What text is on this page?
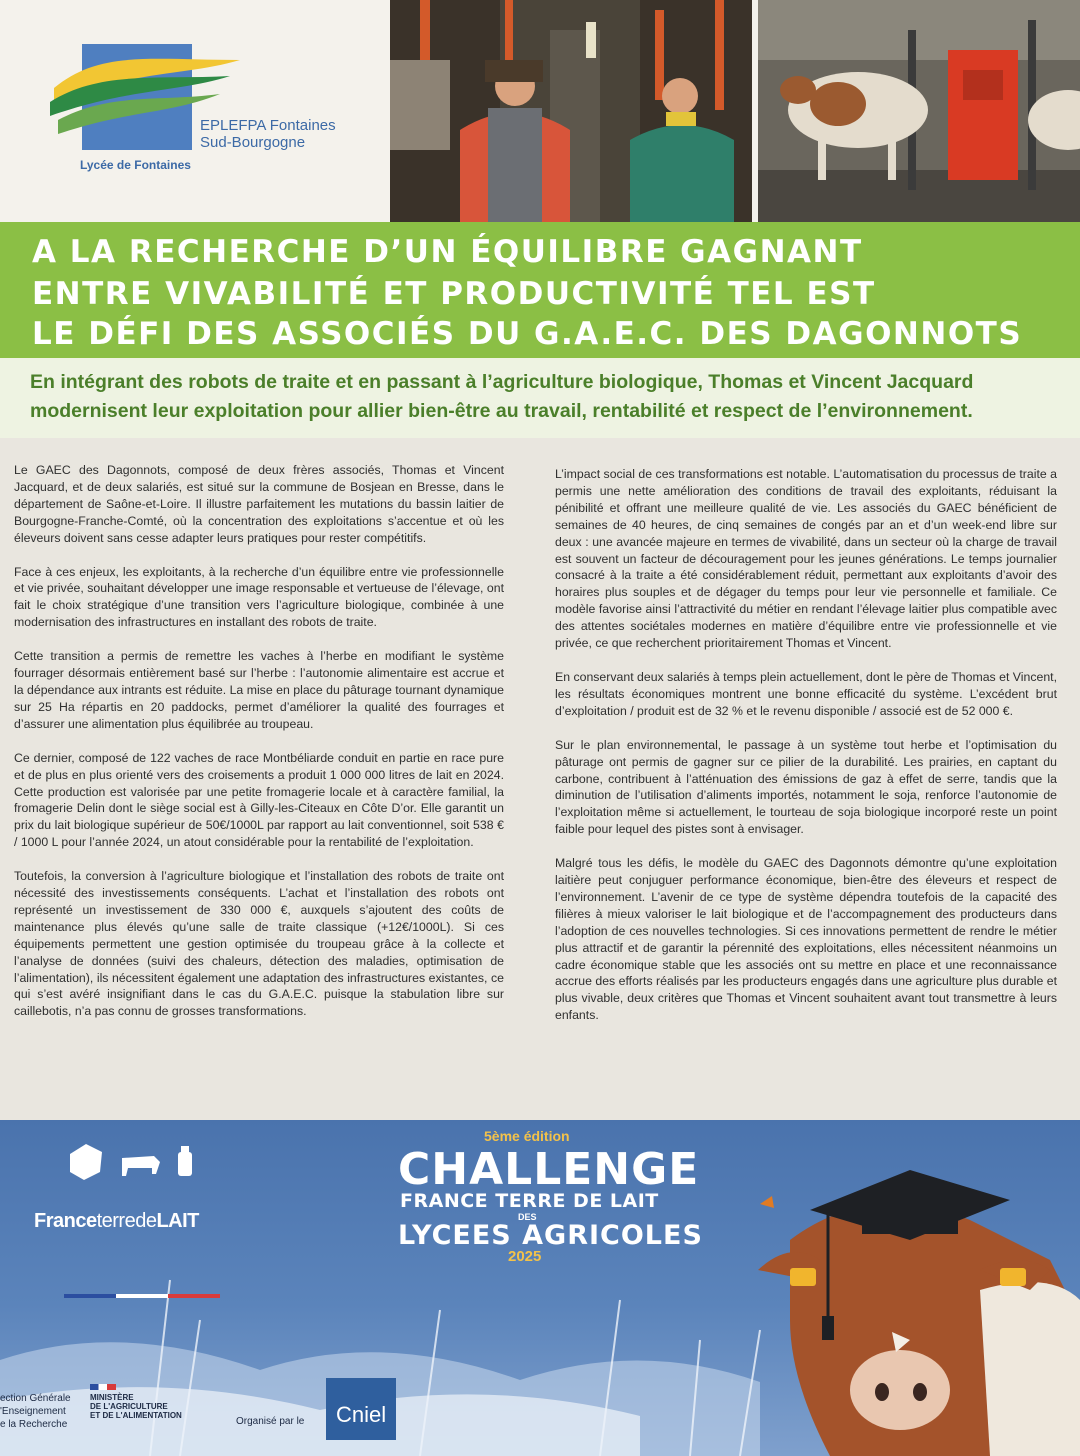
EPLEFPA Fontaines
Sud-Bourgogne
Lycée de Fontaines
A LA RECHERCHE D’UN ÉQUILIBRE GAGNANT
ENTRE VIVABILITÉ ET PRODUCTIVITÉ TEL EST
LE DÉFI DES ASSOCIÉS DU G.A.E.C. DES DAGONNOTS
En intégrant des robots de traite et en passant à l’agriculture biologique, Thomas et Vincent Jacquard modernisent leur exploitation pour allier bien-être au travail, rentabilité et respect de l’environnement.

Le GAEC des Dagonnots, composé de deux frères associés, Thomas et Vincent Jacquard, et de deux salariés, est situé sur la commune de Bosjean en Bresse, dans le département de Saône-et-Loire. Il illustre parfaitement les mutations du bassin laitier de Bourgogne-Franche-Comté, où la concentration des exploitations s’accentue et où les éleveurs doivent sans cesse adapter leurs pratiques pour rester compétitifs.

Face à ces enjeux, les exploitants, à la recherche d’un équilibre entre vie professionnelle et vie privée, souhaitant développer une image responsable et vertueuse de l’élevage, ont fait le choix stratégique d’une transition vers l’agriculture biologique, combinée à une modernisation des infrastructures en installant des robots de traite.

Cette transition a permis de remettre les vaches à l’herbe en modifiant le système fourrager désormais entièrement basé sur l’herbe : l’autonomie alimentaire est accrue et la dépendance aux intrants est réduite. La mise en place du pâturage tournant dynamique sur 25 Ha répartis en 20 paddocks, permet d’améliorer la qualité des fourrages et d’assurer une alimentation plus équilibrée au troupeau.

Ce dernier, composé de 122 vaches de race Montbéliarde conduit en partie en race pure et de plus en plus orienté vers des croisements a produit 1 000 000 litres de lait en 2024. Cette production est valorisée par une petite fromagerie locale et à caractère familial, la fromagerie Delin dont le siège social est à Gilly-les-Citeaux en Côte D’or. Elle garantit un prix du lait biologique supérieur de 50€/1000L par rapport au lait conventionnel, soit 538 € / 1000 L pour l’année 2024, un atout considérable pour la rentabilité de l’exploitation.

Toutefois, la conversion à l’agriculture biologique et l’installation des robots de traite ont nécessité des investissements conséquents. L’achat et l’installation des robots ont représenté un investissement de 330 000 €, auxquels s’ajoutent des coûts de maintenance plus élevés qu’une salle de traite classique (+12€/1000L). Si ces équipements permettent une gestion optimisée du troupeau grâce à la collecte et l’analyse de données (suivi des chaleurs, détection des maladies, optimisation de l’alimentation), ils nécessitent également une adaptation des infrastructures existantes, ce qui s’est avéré insignifiant dans le cas du G.A.E.C. puisque la stabulation libre sur caillebotis, n’a pas connu de grosses transformations.

L’impact social de ces transformations est notable. L’automatisation du processus de traite a permis une nette amélioration des conditions de travail des exploitants, réduisant la pénibilité et offrant une meilleure qualité de vie. Les associés du GAEC bénéficient de semaines de 40 heures, de cinq semaines de congés par an et d’un week-end libre sur deux : une avancée majeure en termes de vivabilité, dans un secteur où la charge de travail est souvent un facteur de découragement pour les jeunes générations. Le temps journalier consacré à la traite a été considérablement réduit, permettant aux exploitants d’avoir des horaires plus souples et de dégager du temps pour leur vie personnelle et familiale. Ce modèle favorise ainsi l’attractivité du métier en rendant l’élevage laitier plus compatible avec des attentes sociétales modernes en matière d’équilibre entre vie professionnelle et vie privée, ce que recherchent prioritairement Thomas et Vincent.

En conservant deux salariés à temps plein actuellement, dont le père de Thomas et Vincent, les résultats économiques montrent une bonne efficacité du système. L’excédent brut d’exploitation / produit est de 32 % et le revenu disponible / associé est de 52 000 €.

Sur le plan environnemental, le passage à un système tout herbe et l’optimisation du pâturage ont permis de gagner sur ce pilier de la durabilité. Les prairies, en captant du carbone, contribuent à l’atténuation des émissions de gaz à effet de serre, tandis que la diminution de l’utilisation d’aliments importés, notamment le soja, renforce l’autonomie de l’exploitation même si actuellement, le tourteau de soja biologique incorporé reste un point faible pour lequel des pistes sont à envisager.

Malgré tous les défis, le modèle du GAEC des Dagonnots démontre qu’une exploitation laitière peut conjuguer performance économique, bien-être des éleveurs et respect de l’environnement. L’avenir de ce type de système dépendra toutefois de la capacité des filières à mieux valoriser le lait biologique et de l’accompagnement des producteurs dans l’adoption de ces nouvelles technologies. Si ces innovations permettent de rendre le métier plus attractif et de garantir la pérennité des exploitations, elles nécessitent néanmoins un cadre économique stable que les associés ont su mettre en place et une reconnaissance accrue des efforts réalisés par les producteurs engagés dans une agriculture plus durable et plus vivable, deux critères que Thomas et Vincent souhaitent avant tout transmettre à leurs enfants.

FranceterredeLAIT
5ème édition
CHALLENGE
FRANCE TERRE DE LAIT
DES
LYCEES AGRICOLES
2025
ection Générale
'Enseignement
e la Recherche
MINISTÈRE
DE L'AGRICULTURE
ET DE L'ALIMENTATION
Organisé par le Cniel
